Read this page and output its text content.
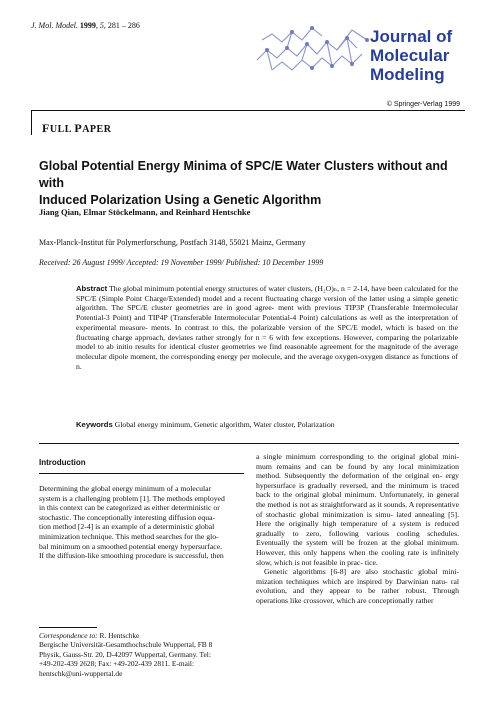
J. Mol. Model. 1999, 5, 281 – 286
Journal of
Molecular
Modeling
© Springer-Verlag 1999
FULL PAPER
Global Potential Energy Minima of SPC/E Water Clusters without and with
Induced Polarization Using a Genetic Algorithm
Jiang Qian, Elmar Stöckelmann, and Reinhard Hentschke
Max-Planck-Institut für Polymerforschung, Postfach 3148, 55021 Mainz, Germany
Received: 26 August 1999/ Accepted: 19 November 1999/ Published: 10 December 1999
Abstract The global minimum potential energy structures of water clusters, (H₂O)ₙ, n = 2-14, have been calculated for the SPC/E (Simple Point Charge/Extended) model and a recent fluctuating charge version of the latter using a simple genetic algorithm. The SPC/E cluster geometries are in good agree- ment with previous TIP3P (Transferable Intermolecular Potential-3 Point) and TIP4P (Transferable Intermolecular Potential-4 Point) calculations as well as the interpretation of experimental measure- ments. In contrast to this, the polarizable version of the SPC/E model, which is based on the fluctuating charge approach, deviates rather strongly for n = 6 with few exceptions. However, comparing the polarizable model to ab initio results for identical cluster geometries we find reasonable agreement for the magnitude of the average molecular dipole moment, the corresponding energy per molecule, and the average oxygen-oxygen distance as functions of n.
Keywords Global energy minimum, Genetic algorithm, Water cluster, Polarization
Introduction
Determining the global energy minimum of a molecular
system is a challenging problem [1]. The methods employed
in this context can be categorized as either deterministic or
stochastic. The conceptionally interesting diffusion equa-
tion method [2-4] is an example of a deterministic global
minimization technique. This method searches for the glo-
bal minimum on a smoothed potential energy hypersurface.
If the diffusion-like smoothing procedure is successful, then
Correspondence to: R. Hentschke
Bergische Universität-Gesamthochschule Wuppertal, FB 8
Physik, Gauss-Str. 20, D-42097 Wuppertal, Germany. Tel:
+49-202-439 2628; Fax: +49-202-439 2811. E-mail:
hentschk@uni-wuppertal.de

a single minimum corresponding to the original global mini- mum remains and can be found by any local minimization method. Subsequently the deformation of the original en- ergy hypersurface is gradually reversed, and the minimum is traced back to the original global minimum. Unfortunately, in general the method is not as straightforward as it sounds. A representative of stochastic global minimization is simu- lated annealing [5]. Here the originally high temperature of a system is reduced gradually to zero, following various cooling schedules. Eventually the system will be frozen at the global minimum. However, this only happens when the cooling rate is infinitely slow, which is not feasible in prac- tice.

Genetic algorithms [6-8] are also stochastic global mini- mization techniques which are inspired by Darwinian natu- ral evolution, and they appear to be rather robust. Through operations like crossover, which are conceptionally rather
